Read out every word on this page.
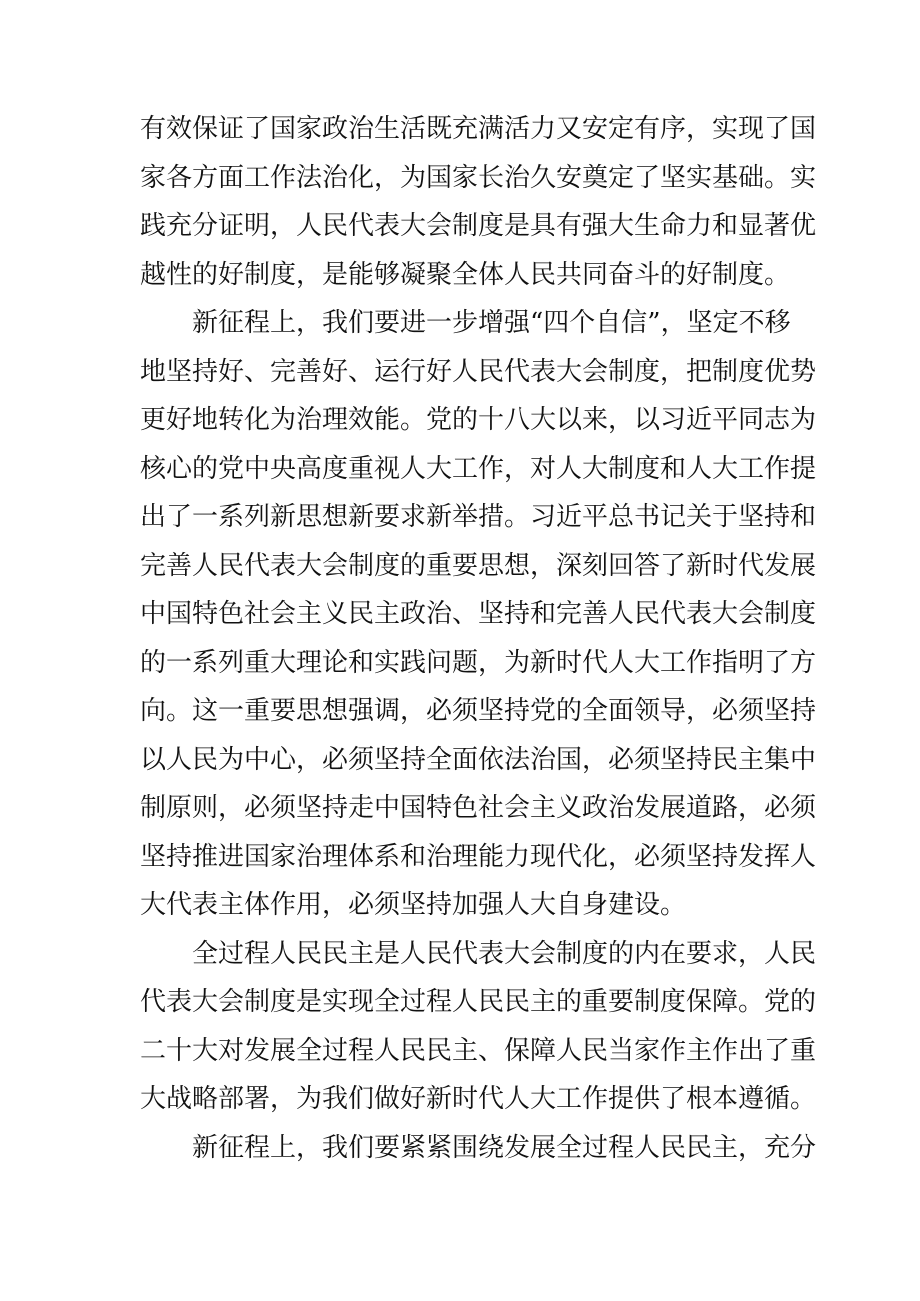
有效保证了国家政治生活既充满活力又安定有序，实现了国
家各方面工作法治化，为国家长治久安奠定了坚实基础。实
践充分证明，人民代表大会制度是具有强大生命力和显著优
越性的好制度，是能够凝聚全体人民共同奋斗的好制度。
新征程上，我们要进一步增强“四个自信”，坚定不移
地坚持好、完善好、运行好人民代表大会制度，把制度优势
更好地转化为治理效能。党的十八大以来，以习近平同志为
核心的党中央高度重视人大工作，对人大制度和人大工作提
出了一系列新思想新要求新举措。习近平总书记关于坚持和
完善人民代表大会制度的重要思想，深刻回答了新时代发展
中国特色社会主义民主政治、坚持和完善人民代表大会制度
的一系列重大理论和实践问题，为新时代人大工作指明了方
向。这一重要思想强调，必须坚持党的全面领导，必须坚持
以人民为中心，必须坚持全面依法治国，必须坚持民主集中
制原则，必须坚持走中国特色社会主义政治发展道路，必须
坚持推进国家治理体系和治理能力现代化，必须坚持发挥人
大代表主体作用，必须坚持加强人大自身建设。
全过程人民民主是人民代表大会制度的内在要求，人民
代表大会制度是实现全过程人民民主的重要制度保障。党的
二十大对发展全过程人民民主、保障人民当家作主作出了重
大战略部署，为我们做好新时代人大工作提供了根本遵循。
新征程上，我们要紧紧围绕发展全过程人民民主，充分
